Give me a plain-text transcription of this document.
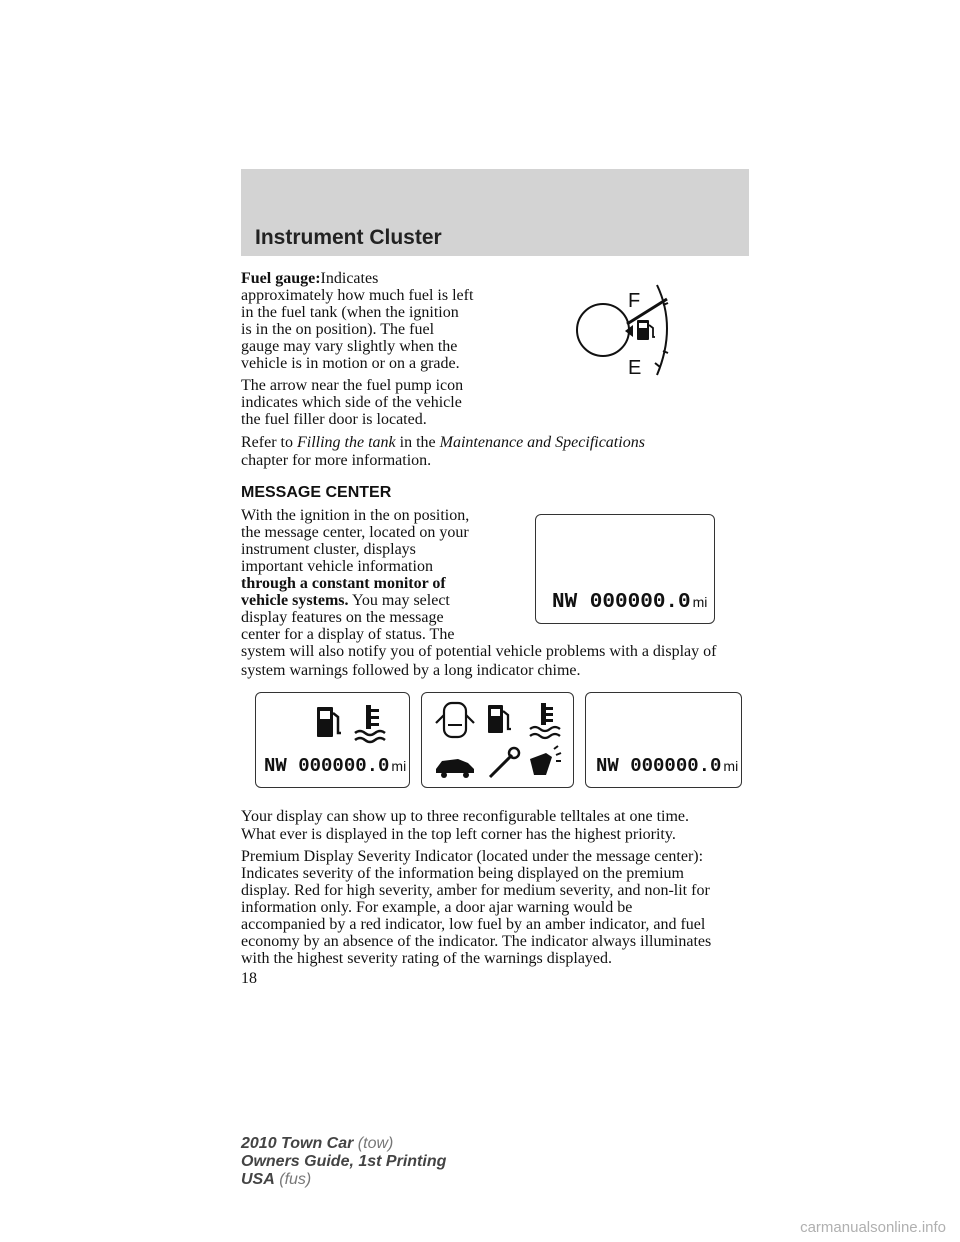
Instrument Cluster
Fuel gauge:Indicates
approximately how much fuel is left
in the fuel tank (when the ignition
is in the on position). The fuel
gauge may vary slightly when the
vehicle is in motion or on a grade.
The arrow near the fuel pump icon
indicates which side of the vehicle
the fuel filler door is located.
Refer to Filling the tank in the Maintenance and Specifications
chapter for more information.
F
E
MESSAGE CENTER
With the ignition in the on position,
the message center, located on your
instrument cluster, displays
important vehicle information
through a constant monitor of
vehicle systems. You may select
display features on the message
center for a display of status. The
system will also notify you of potential vehicle problems with a display of
system warnings followed by a long indicator chime.
NW 000000.0 mi
NW 000000.0 mi	NW 000000.0 mi
Your display can show up to three reconfigurable telltales at one time.
What ever is displayed in the top left corner has the highest priority.
Premium Display Severity Indicator (located under the message center):
Indicates severity of the information being displayed on the premium
display. Red for high severity, amber for medium severity, and non-lit for
information only. For example, a door ajar warning would be
accompanied by a red indicator, low fuel by an amber indicator, and fuel
economy by an absence of the indicator. The indicator always illuminates
with the highest severity rating of the warnings displayed.
18
2010 Town Car (tow)
Owners Guide, 1st Printing
USA (fus)
carmanualsonline.info
